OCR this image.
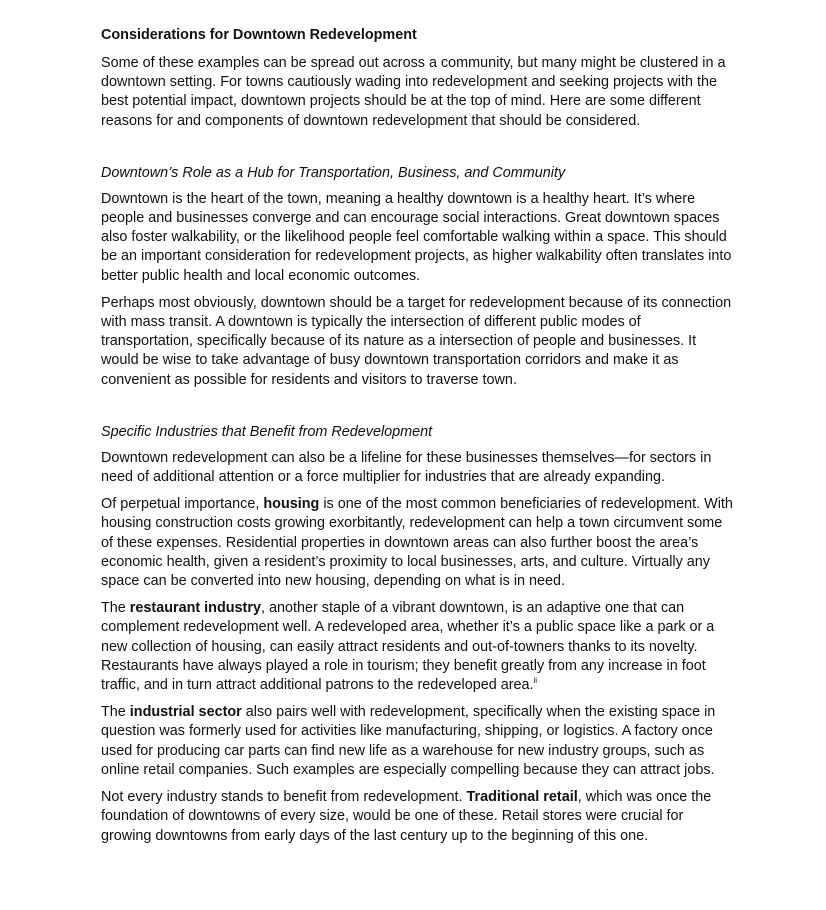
Considerations for Downtown Redevelopment

Some of these examples can be spread out across a community, but many might be clustered in a downtown setting. For towns cautiously wading into redevelopment and seeking projects with the best potential impact, downtown projects should be at the top of mind. Here are some different reasons for and components of downtown redevelopment that should be considered.

Downtown’s Role as a Hub for Transportation, Business, and Community

Downtown is the heart of the town, meaning a healthy downtown is a healthy heart. It’s where people and businesses converge and can encourage social interactions. Great downtown spaces also foster walkability, or the likelihood people feel comfortable walking within a space. This should be an important consideration for redevelopment projects, as higher walkability often translates into better public health and local economic outcomes.

Perhaps most obviously, downtown should be a target for redevelopment because of its connection with mass transit. A downtown is typically the intersection of different public modes of transportation, specifically because of its nature as a intersection of people and businesses. It would be wise to take advantage of busy downtown transportation corridors and make it as convenient as possible for residents and visitors to traverse town.

Specific Industries that Benefit from Redevelopment

Downtown redevelopment can also be a lifeline for these businesses themselves—for sectors in need of additional attention or a force multiplier for industries that are already expanding.

Of perpetual importance, housing is one of the most common beneficiaries of redevelopment. With housing construction costs growing exorbitantly, redevelopment can help a town circumvent some of these expenses. Residential properties in downtown areas can also further boost the area’s economic health, given a resident’s proximity to local businesses, arts, and culture. Virtually any space can be converted into new housing, depending on what is in need.

The restaurant industry, another staple of a vibrant downtown, is an adaptive one that can complement redevelopment well. A redeveloped area, whether it’s a public space like a park or a new collection of housing, can easily attract residents and out-of-towners thanks to its novelty. Restaurants have always played a role in tourism; they benefit greatly from any increase in foot traffic, and in turn attract additional patrons to the redeveloped area.$^{ii}$

The industrial sector also pairs well with redevelopment, specifically when the existing space in question was formerly used for activities like manufacturing, shipping, or logistics. A factory once used for producing car parts can find new life as a warehouse for new industry groups, such as online retail companies. Such examples are especially compelling because they can attract jobs.

Not every industry stands to benefit from redevelopment. Traditional retail, which was once the foundation of downtowns of every size, would be one of these. Retail stores were crucial for growing downtowns from early days of the last century up to the beginning of this one.
